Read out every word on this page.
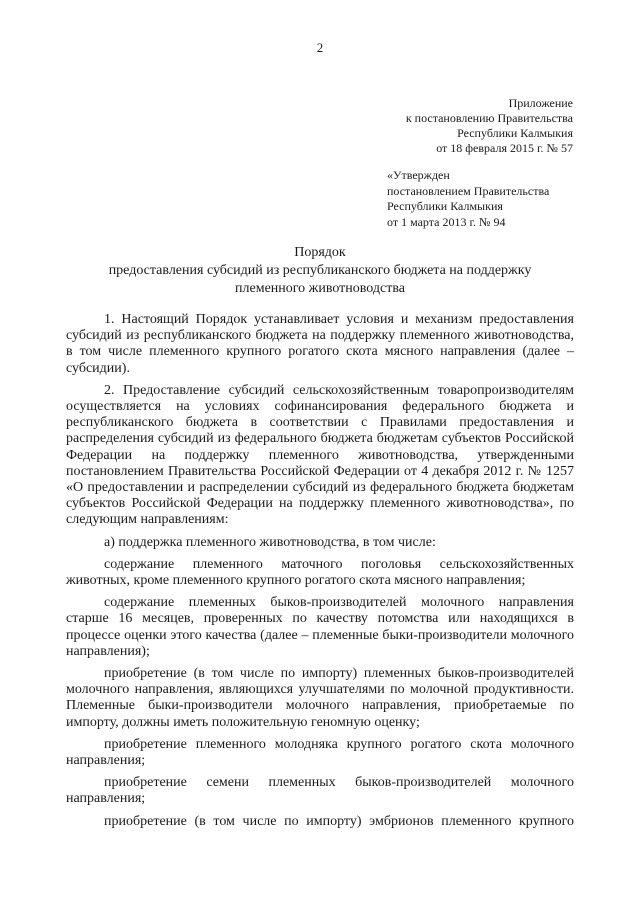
2
Приложение
к постановлению Правительства
Республики Калмыкия
от 18 февраля 2015 г. № 57
«Утвержден
постановлением Правительства
Республики Калмыкия
от 1 марта 2013 г. № 94
Порядок
предоставления субсидий из республиканского бюджета на поддержку
племенного животноводства

1. Настоящий Порядок устанавливает условия и механизм предоставления субсидий из республиканского бюджета на поддержку племенного животноводства, в том числе племенного крупного рогатого скота мясного направления (далее – субсидии).

2. Предоставление субсидий сельскохозяйственным товаропроизводителям осуществляется на условиях софинансирования федерального бюджета и республиканского бюджета в соответствии с Правилами предоставления и распределения субсидий из федерального бюджета бюджетам субъектов Российской Федерации на поддержку племенного животноводства, утвержденными постановлением Правительства Российской Федерации от 4 декабря 2012 г. № 1257 «О предоставлении и распределении субсидий из федерального бюджета бюджетам субъектов Российской Федерации на поддержку племенного животноводства», по следующим направлениям:

а) поддержка племенного животноводства, в том числе:

содержание племенного маточного поголовья сельскохозяйственных животных, кроме племенного крупного рогатого скота мясного направления;

содержание племенных быков-производителей молочного направления старше 16 месяцев, проверенных по качеству потомства или находящихся в процессе оценки этого качества (далее – племенные быки-производители молочного направления);

приобретение (в том числе по импорту) племенных быков-производителей молочного направления, являющихся улучшателями по молочной продуктивности. Племенные быки-производители молочного направления, приобретаемые по импорту, должны иметь положительную геномную оценку;

приобретение племенного молодняка крупного рогатого скота молочного направления;

приобретение семени племенных быков-производителей молочного направления;

приобретение (в том числе по импорту) эмбрионов племенного крупного
